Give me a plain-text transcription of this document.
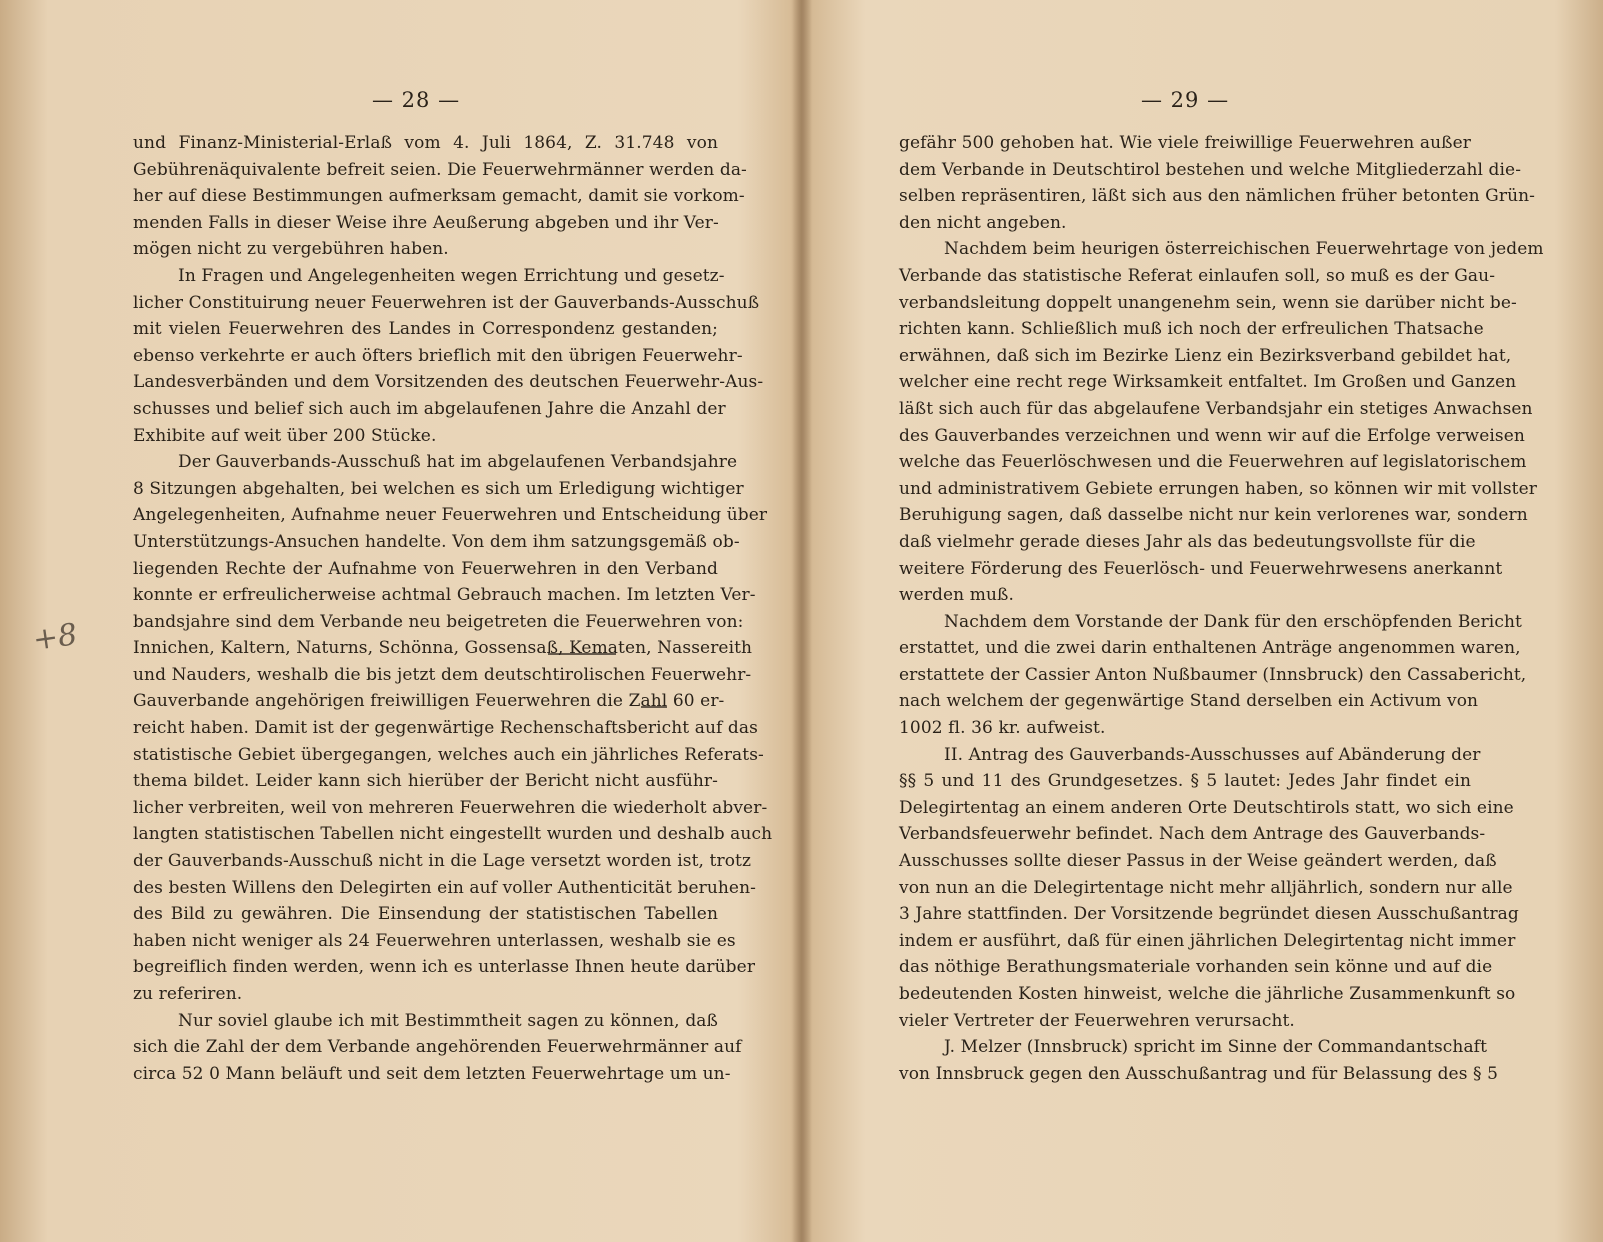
— 28 —
+8
und Finanz-Ministerial-Erlaß vom 4. Juli 1864, Z. 31.748 von
Gebührenäquivalente befreit seien. Die Feuerwehrmänner werden da-
her auf diese Bestimmungen aufmerksam gemacht, damit sie vorkom-
menden Falls in dieser Weise ihre Aeußerung abgeben und ihr Ver-
mögen nicht zu vergebühren haben.
In Fragen und Angelegenheiten wegen Errichtung und gesetz-
licher Constituirung neuer Feuerwehren ist der Gauverbands-Ausschuß
mit vielen Feuerwehren des Landes in Correspondenz gestanden;
ebenso verkehrte er auch öfters brieflich mit den übrigen Feuerwehr-
Landesverbänden und dem Vorsitzenden des deutschen Feuerwehr-Aus-
schusses und belief sich auch im abgelaufenen Jahre die Anzahl der
Exhibite auf weit über 200 Stücke.
Der Gauverbands-Ausschuß hat im abgelaufenen Verbandsjahre
8 Sitzungen abgehalten, bei welchen es sich um Erledigung wichtiger
Angelegenheiten, Aufnahme neuer Feuerwehren und Entscheidung über
Unterstützungs-Ansuchen handelte. Von dem ihm satzungsgemäß ob-
liegenden Rechte der Aufnahme von Feuerwehren in den Verband
konnte er erfreulicherweise achtmal Gebrauch machen. Im letzten Ver-
bandsjahre sind dem Verbande neu beigetreten die Feuerwehren von:
Innichen, Kaltern, Naturns, Schönna, Gossensaß, Kematen, Nassereith
und Nauders, weshalb die bis jetzt dem deutschtirolischen Feuerwehr-
Gauverbande angehörigen freiwilligen Feuerwehren die Zahl 60 er-
reicht haben. Damit ist der gegenwärtige Rechenschaftsbericht auf das
statistische Gebiet übergegangen, welches auch ein jährliches Referats-
thema bildet. Leider kann sich hierüber der Bericht nicht ausführ-
licher verbreiten, weil von mehreren Feuerwehren die wiederholt abver-
langten statistischen Tabellen nicht eingestellt wurden und deshalb auch
der Gauverbands-Ausschuß nicht in die Lage versetzt worden ist, trotz
des besten Willens den Delegirten ein auf voller Authenticität beruhen-
des Bild zu gewähren. Die Einsendung der statistischen Tabellen
haben nicht weniger als 24 Feuerwehren unterlassen, weshalb sie es
begreiflich finden werden, wenn ich es unterlasse Ihnen heute darüber
zu referiren.
Nur soviel glaube ich mit Bestimmtheit sagen zu können, daß
sich die Zahl der dem Verbande angehörenden Feuerwehrmänner auf
circa 52 0 Mann beläuft und seit dem letzten Feuerwehrtage um un-
— 29 —
gefähr 500 gehoben hat. Wie viele freiwillige Feuerwehren außer
dem Verbande in Deutschtirol bestehen und welche Mitgliederzahl die-
selben repräsentiren, läßt sich aus den nämlichen früher betonten Grün-
den nicht angeben.
Nachdem beim heurigen österreichischen Feuerwehrtage von jedem
Verbande das statistische Referat einlaufen soll, so muß es der Gau-
verbandsleitung doppelt unangenehm sein, wenn sie darüber nicht be-
richten kann. Schließlich muß ich noch der erfreulichen Thatsache
erwähnen, daß sich im Bezirke Lienz ein Bezirksverband gebildet hat,
welcher eine recht rege Wirksamkeit entfaltet. Im Großen und Ganzen
läßt sich auch für das abgelaufene Verbandsjahr ein stetiges Anwachsen
des Gauverbandes verzeichnen und wenn wir auf die Erfolge verweisen
welche das Feuerlöschwesen und die Feuerwehren auf legislatorischem
und administrativem Gebiete errungen haben, so können wir mit vollster
Beruhigung sagen, daß dasselbe nicht nur kein verlorenes war, sondern
daß vielmehr gerade dieses Jahr als das bedeutungsvollste für die
weitere Förderung des Feuerlösch- und Feuerwehrwesens anerkannt
werden muß.
Nachdem dem Vorstande der Dank für den erschöpfenden Bericht
erstattet, und die zwei darin enthaltenen Anträge angenommen waren,
erstattete der Cassier Anton Nußbaumer (Innsbruck) den Cassabericht,
nach welchem der gegenwärtige Stand derselben ein Activum von
1002 fl. 36 kr. aufweist.
II. Antrag des Gauverbands-Ausschusses auf Abänderung der
§§ 5 und 11 des Grundgesetzes. § 5 lautet: Jedes Jahr findet ein
Delegirtentag an einem anderen Orte Deutschtirols statt, wo sich eine
Verbandsfeuerwehr befindet. Nach dem Antrage des Gauverbands-
Ausschusses sollte dieser Passus in der Weise geändert werden, daß
von nun an die Delegirtentage nicht mehr alljährlich, sondern nur alle
3 Jahre stattfinden. Der Vorsitzende begründet diesen Ausschußantrag
indem er ausführt, daß für einen jährlichen Delegirtentag nicht immer
das nöthige Berathungsmateriale vorhanden sein könne und auf die
bedeutenden Kosten hinweist, welche die jährliche Zusammenkunft so
vieler Vertreter der Feuerwehren verursacht.
J. Melzer (Innsbruck) spricht im Sinne der Commandantschaft
von Innsbruck gegen den Ausschußantrag und für Belassung des § 5
